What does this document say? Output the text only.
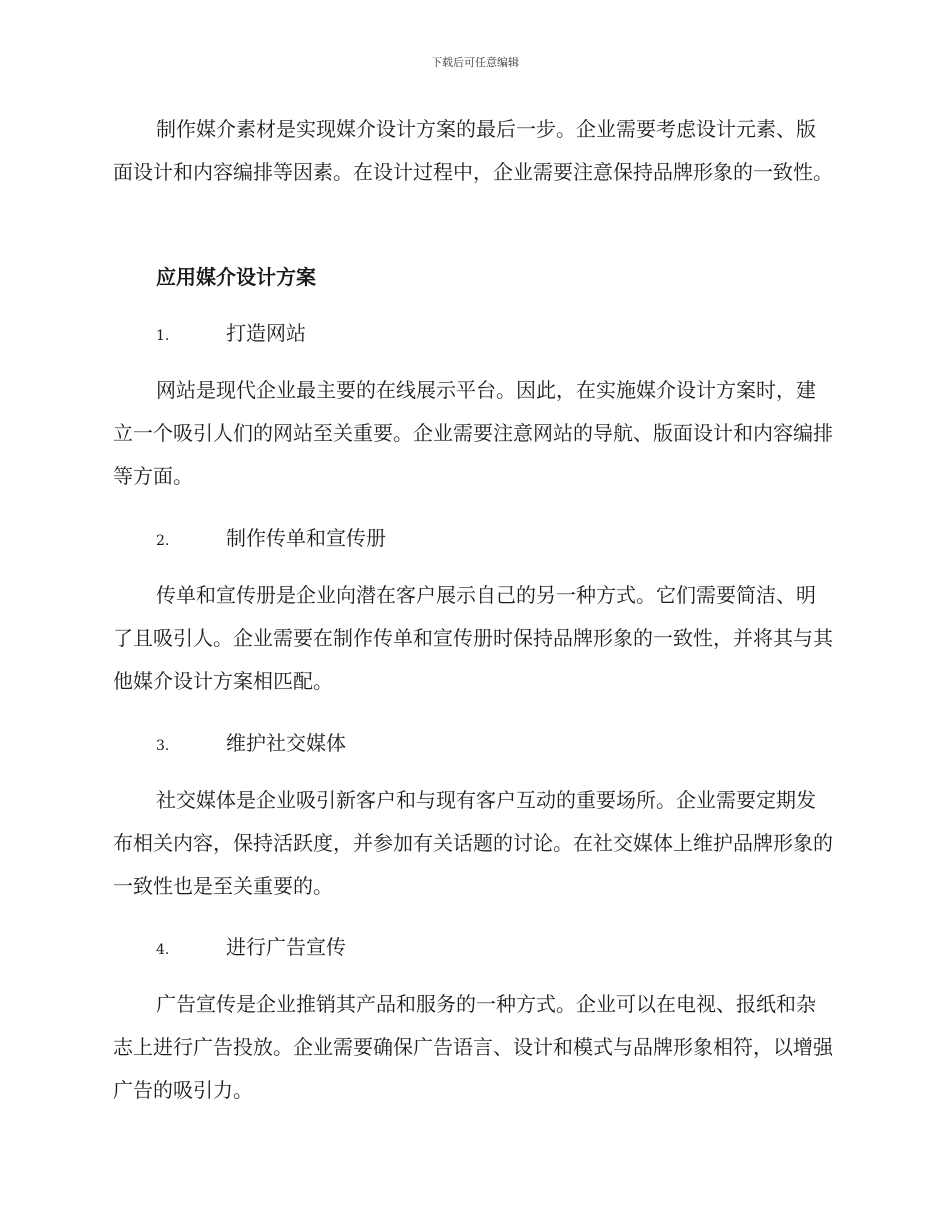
下载后可任意编辑

制作媒介素材是实现媒介设计方案的最后一步。企业需要考虑设计元素、版面设计和内容编排等因素。在设计过程中，企业需要注意保持品牌形象的一致性。

应用媒介设计方案
1.	打造网站

网站是现代企业最主要的在线展示平台。因此，在实施媒介设计方案时，建立一个吸引人们的网站至关重要。企业需要注意网站的导航、版面设计和内容编排等方面。

2.	制作传单和宣传册

传单和宣传册是企业向潜在客户展示自己的另一种方式。它们需要简洁、明了且吸引人。企业需要在制作传单和宣传册时保持品牌形象的一致性，并将其与其他媒介设计方案相匹配。

3.	维护社交媒体

社交媒体是企业吸引新客户和与现有客户互动的重要场所。企业需要定期发布相关内容，保持活跃度，并参加有关话题的讨论。在社交媒体上维护品牌形象的一致性也是至关重要的。

4.	进行广告宣传

广告宣传是企业推销其产品和服务的一种方式。企业可以在电视、报纸和杂志上进行广告投放。企业需要确保广告语言、设计和模式与品牌形象相符，以增强广告的吸引力。
